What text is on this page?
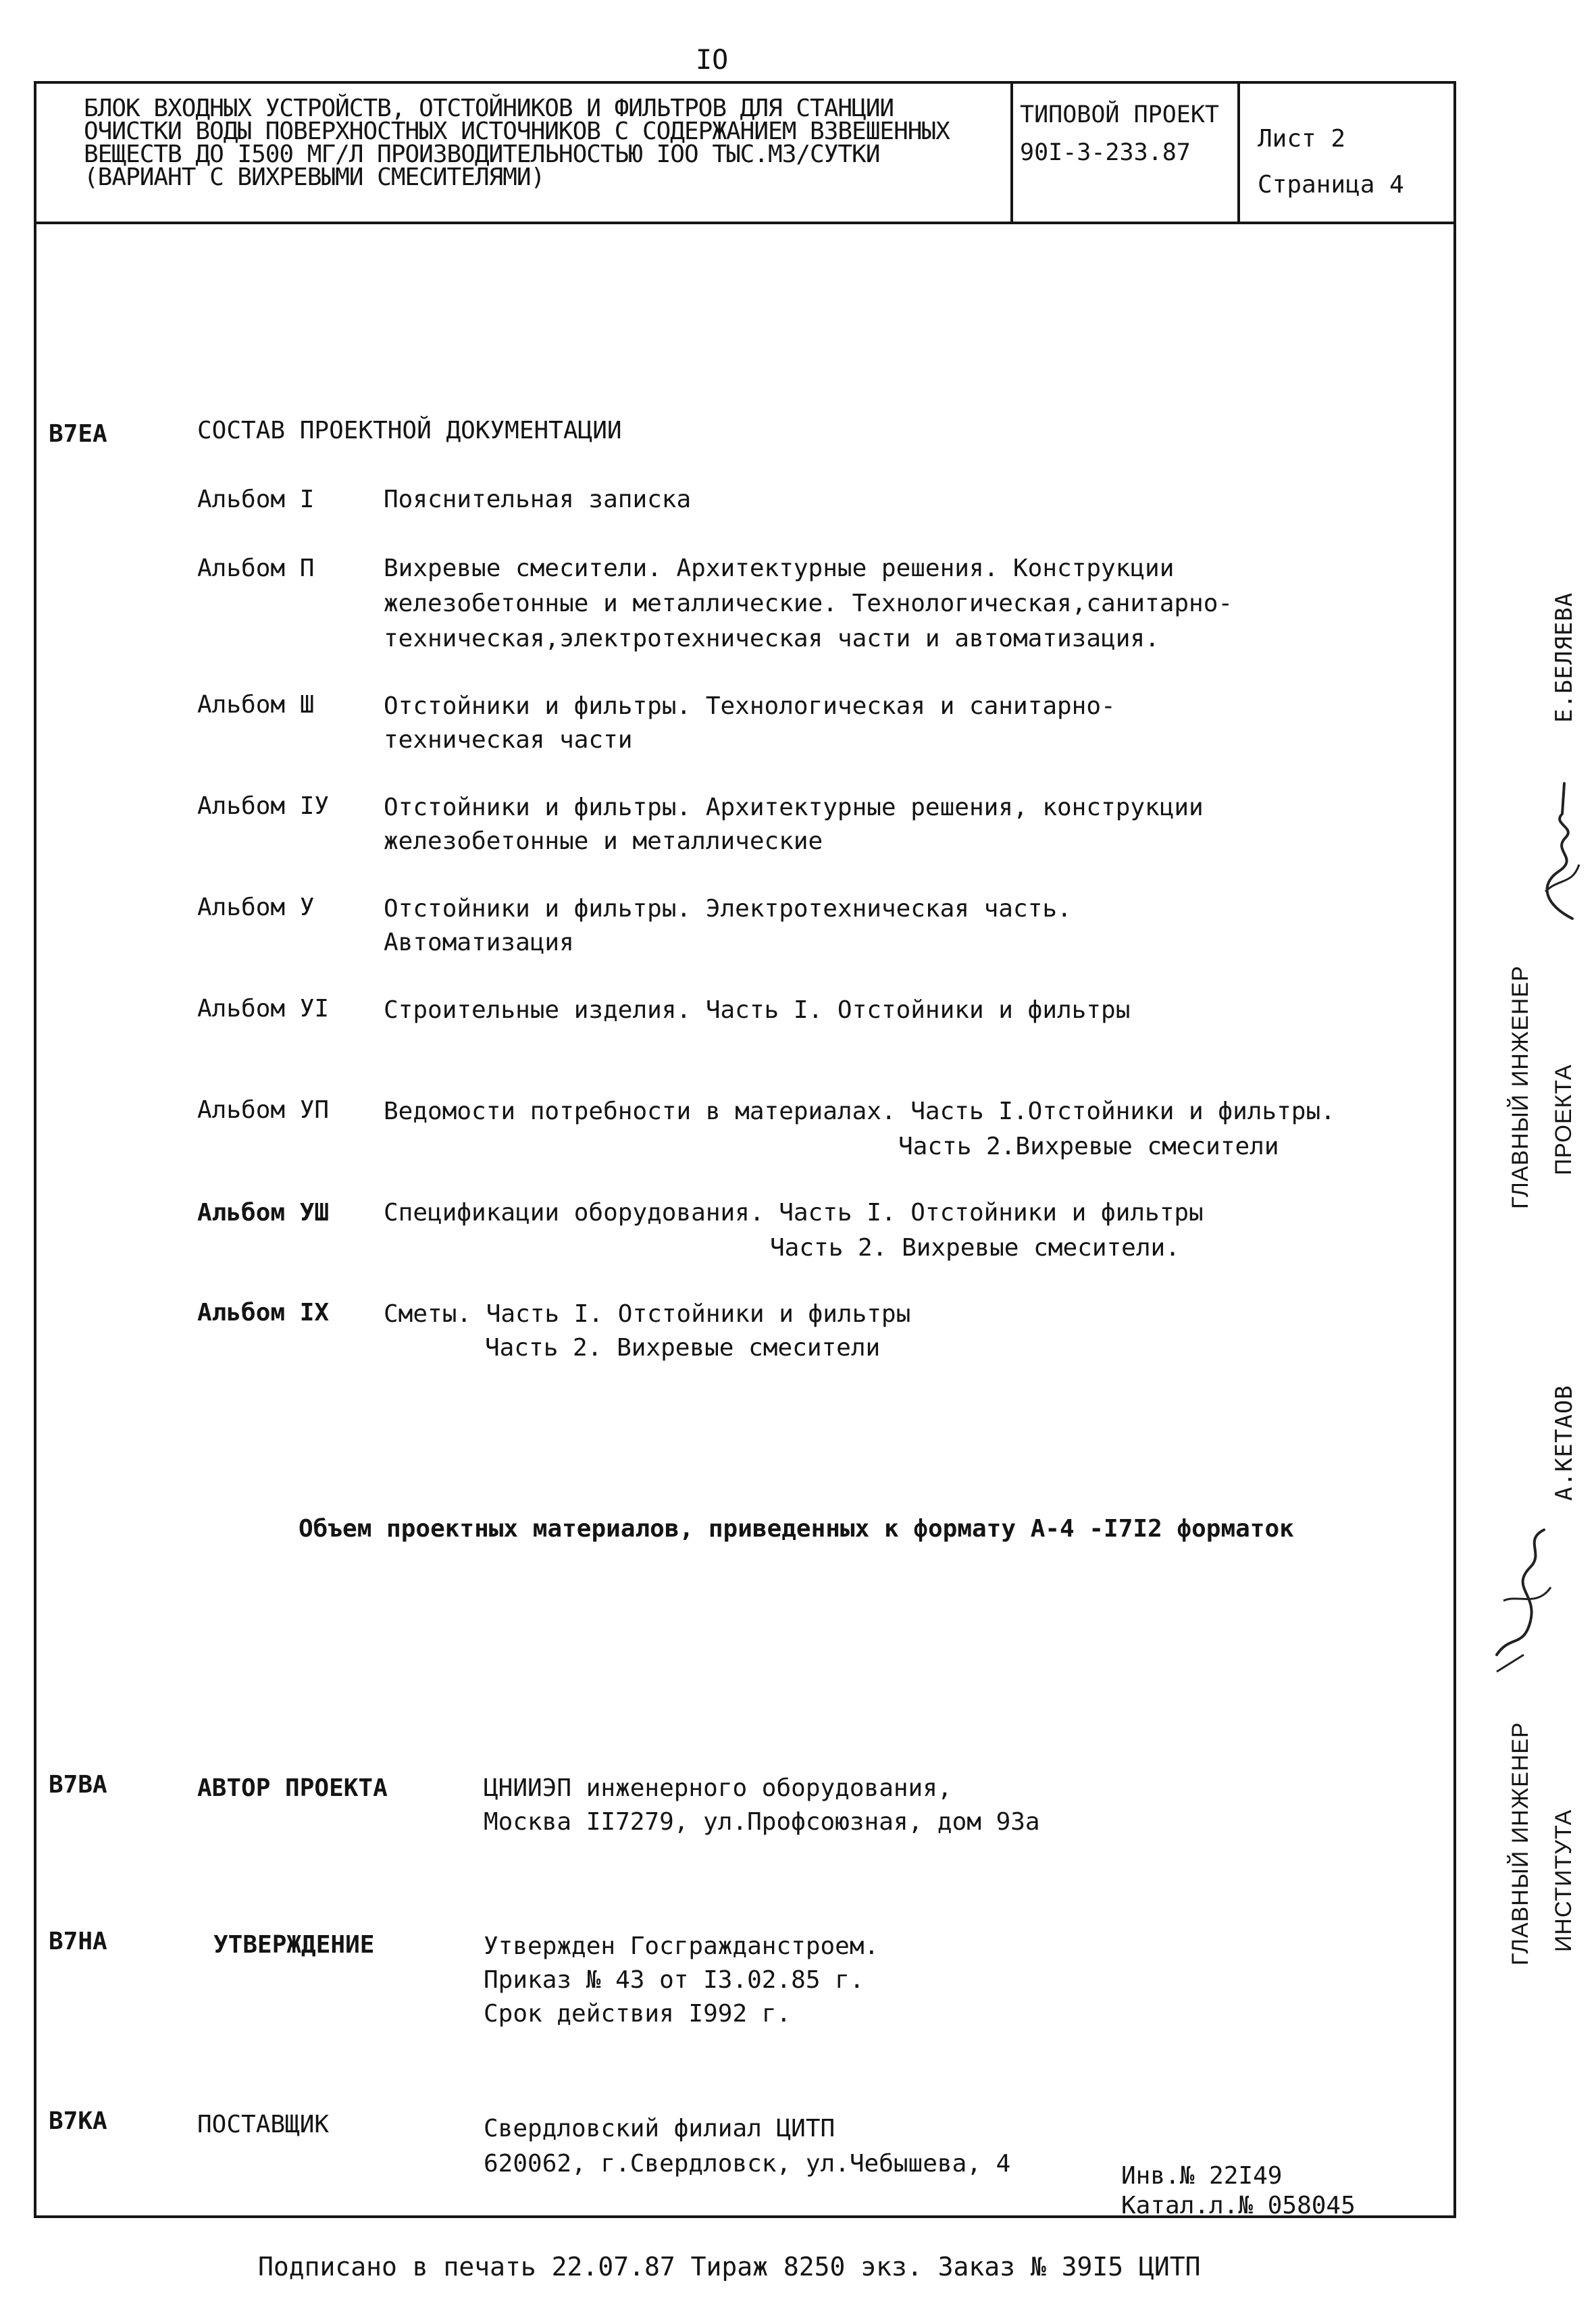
IO
БЛОК ВХОДНЫХ УСТРОЙСТВ, ОТСТОЙНИКОВ И ФИЛЬТРОВ ДЛЯ СТАНЦИИ
ОЧИСТКИ ВОДЫ ПОВЕРХНОСТНЫХ ИСТОЧНИКОВ С СОДЕРЖАНИЕМ ВЗВЕШЕННЫХ
ВЕЩЕСТВ ДО I500 МГ/Л ПРОИЗВОДИТЕЛЬНОСТЬЮ IOO ТЫС.М3/СУТКИ
(ВАРИАНТ С ВИХРЕВЫМИ СМЕСИТЕЛЯМИ)
ТИПОВОЙ ПРОЕКТ
90I-3-233.87	Лист 2
Страница 4
В7ЕА	СОСТАВ ПРОЕКТНОЙ ДОКУМЕНТАЦИИ
Альбом I	Пояснительная записка
Альбом П	Вихревые смесители. Архитектурные решения. Конструкции
железобетонные и металлические. Технологическая,санитарно-
техническая,электротехническая части и автоматизация.
Альбом Ш	Отстойники и фильтры. Технологическая и санитарно-
техническая части
Альбом IУ Отстойники и фильтры. Архитектурные решения, конструкции
железобетонные и металлические
Альбом У	Отстойники и фильтры. Электротехническая часть.
Автоматизация
Альбом УI Строительные изделия. Часть I. Отстойники и фильтры
Альбом УП Ведомости потребности в материалах. Часть I.Отстойники и фильтры.
Часть 2.Вихревые смесители
Альбом УШ Спецификации оборудования. Часть I. Отстойники и фильтры
Часть 2. Вихревые смесители.
Альбом IX Сметы. Часть I. Отстойники и фильтры
Часть 2. Вихревые смесители
Объем проектных материалов, приведенных к формату А-4 -I7I2 форматок
В7ВА	АВТОР ПРОЕКТА	ЦНИИЭП инженерного оборудования,
Москва II7279, ул.Профсоюзная, дом 93а
В7НА	УТВЕРЖДЕНИЕ	Утвержден Госгражданстроем.
Приказ № 43 от I3.02.85 г.
Срок действия I992 г.
В7КА	ПОСТАВЩИК	Свердловский филиал ЦИТП
620062, г.Свердловск, ул.Чебышева, 4	Инв.№ 22I49
Катал.л.№ 058045
ГЛАВНЫЙ ИНЖЕНЕР ПРОЕКТА
Е.БЕЛЯЕВА
ГЛАВНЫЙ ИНЖЕНЕР ИНСТИТУТА
А.КЕТАОВ
Подписано в печать 22.07.87 Тираж 8250 экз. Заказ № 39I5 ЦИТП
